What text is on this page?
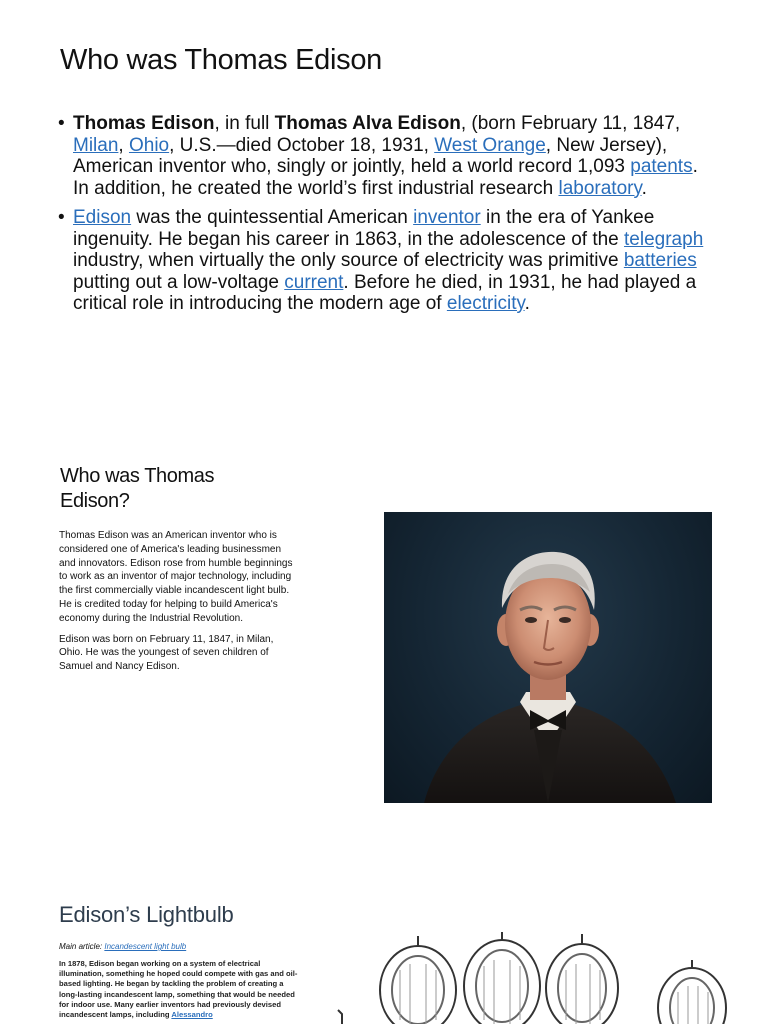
Who was Thomas Edison
• Thomas Edison, in full Thomas Alva Edison, (born February 11, 1847, Milan, Ohio, U.S.—died October 18, 1931, West Orange, New Jersey), American inventor who, singly or jointly, held a world record 1,093 patents. In addition, he created the world’s first industrial research laboratory.
• Edison was the quintessential American inventor in the era of Yankee ingenuity. He began his career in 1863, in the adolescence of the telegraph industry, when virtually the only source of electricity was primitive batteries putting out a low-voltage current. Before he died, in 1931, he had played a critical role in introducing the modern age of electricity.
Who was Thomas Edison?

Thomas Edison was an American inventor who is considered one of America's leading businessmen and innovators. Edison rose from humble beginnings to work as an inventor of major technology, including the first commercially viable incandescent light bulb. He is credited today for helping to build America's economy during the Industrial Revolution.

Edison was born on February 11, 1847, in Milan, Ohio. He was the youngest of seven children of Samuel and Nancy Edison.

Edison’s Lightbulb
Main article: Incandescent light bulb
In 1878, Edison began working on a system of electrical illumination, something he hoped could compete with gas and oil-based lighting. He began by tackling the problem of creating a long-lasting incandescent lamp, something that would be needed for indoor use. Many earlier inventors had previously devised incandescent lamps, including Alessandro
